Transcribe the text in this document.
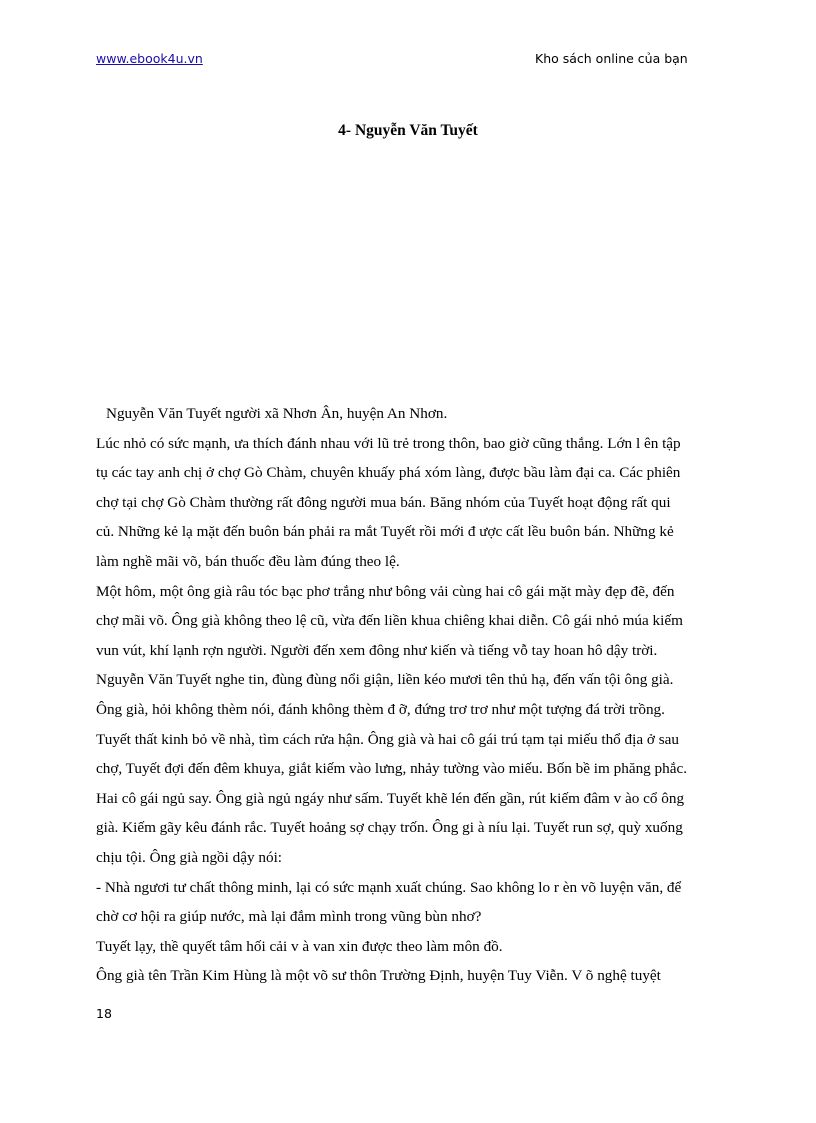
www.ebook4u.vn	Kho sách online của bạn
4- Nguyễn Văn Tuyết

Nguyễn Văn Tuyết người xã Nhơn Ân, huyện An Nhơn.

Lúc nhỏ có sức mạnh, ưa thích đánh nhau với lũ trẻ trong thôn, bao giờ cũng thắng. Lớn l ên tập

tụ các tay anh chị ở chợ Gò Chàm, chuyên khuấy phá xóm làng, được bầu làm đại ca. Các phiên

chợ tại chợ Gò Chàm thường rất đông người mua bán. Băng nhóm của Tuyết hoạt động rất qui

củ. Những kẻ lạ mặt đến buôn bán phải ra mắt Tuyết rồi mới đ ược cất lều buôn bán. Những kẻ

làm nghề mãi võ, bán thuốc đều làm đúng theo lệ.

Một hôm, một ông già râu tóc bạc phơ trắng như bông vải cùng hai cô gái mặt mày đẹp đẽ, đến

chợ mãi võ. Ông già không theo lệ cũ, vừa đến liền khua chiêng khai diễn. Cô gái nhỏ múa kiếm

vun vút, khí lạnh rợn người. Người đến xem đông như kiến và tiếng vỗ tay hoan hô dậy trời.

Nguyễn Văn Tuyết nghe tin, đùng đùng nổi giận, liền kéo mươi tên thủ hạ, đến vấn tội ông già.

Ông già, hỏi không thèm nói, đánh không thèm đ ỡ, đứng trơ trơ như một tượng đá trời trồng.

Tuyết thất kinh bỏ về nhà, tìm cách rửa hận. Ông già và hai cô gái trú tạm tại miếu thổ địa ở sau

chợ, Tuyết đợi đến đêm khuya, giắt kiếm vào lưng, nhảy tường vào miếu. Bốn bề im phăng phắc.

Hai cô gái ngủ say. Ông già ngủ ngáy như sấm. Tuyết khẽ lén đến gần, rút kiếm đâm v ào cổ ông

già. Kiếm gãy kêu đánh rắc. Tuyết hoảng sợ chạy trốn. Ông gi à níu lại. Tuyết run sợ, quỳ xuống

chịu tội. Ông già ngồi dậy nói:

- Nhà ngươi tư chất thông minh, lại có sức mạnh xuất chúng. Sao không lo r èn võ luyện văn, để

chờ cơ hội ra giúp nước, mà lại đắm mình trong vũng bùn nhơ?

Tuyết lạy, thề quyết tâm hối cải v à van xin được theo làm môn đồ.

Ông già tên Trần Kim Hùng là một võ sư thôn Trường Định, huyện Tuy Viễn. V õ nghệ tuyệt

18
